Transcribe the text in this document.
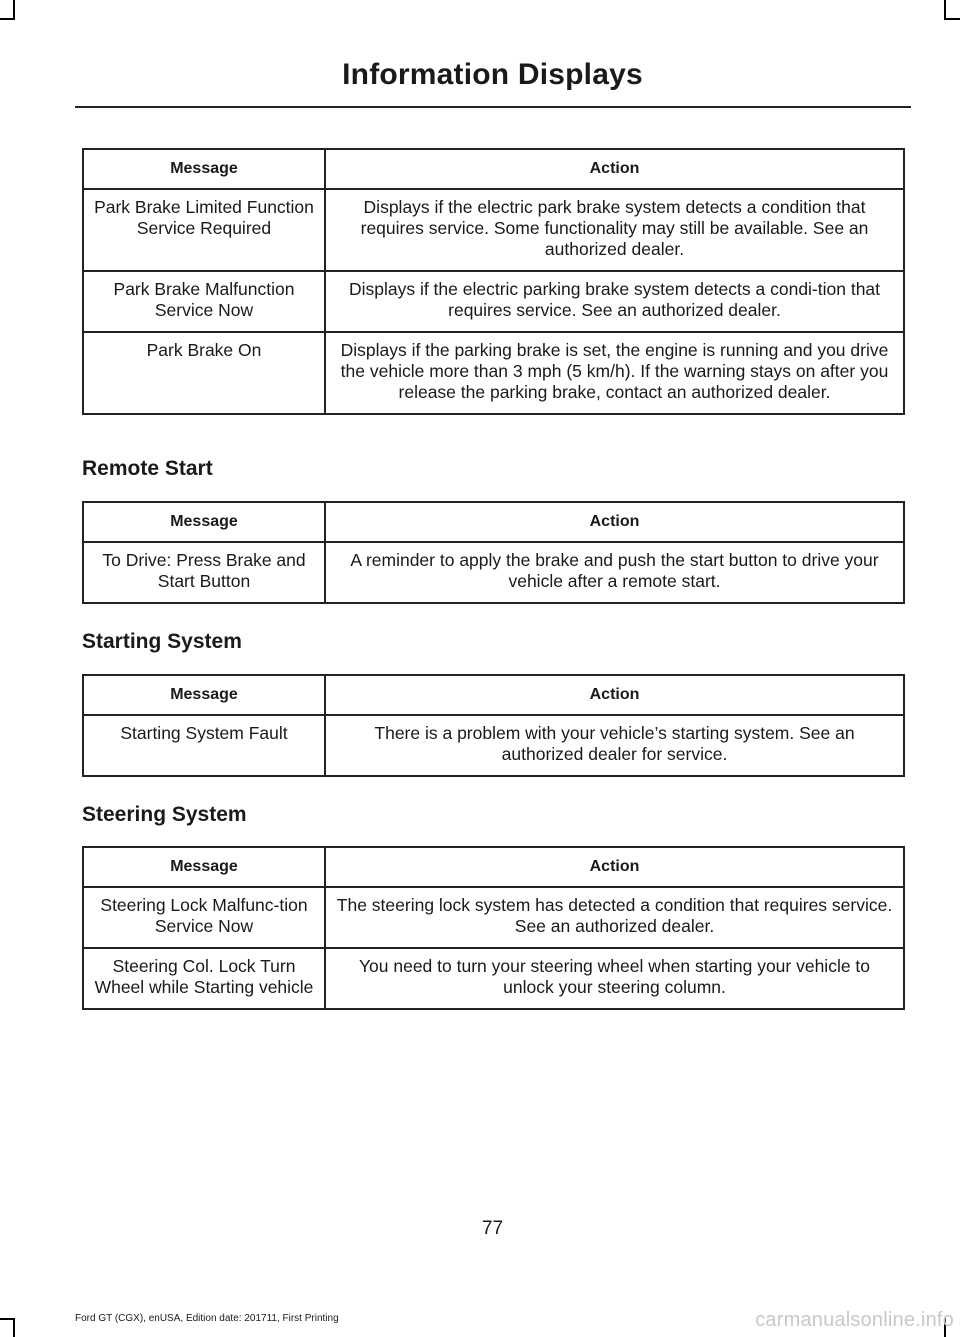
Information Displays
Message	Action
Park Brake Limited Function Service Required	Displays if the electric park brake system detects a condition that requires service. Some functionality may still be available. See an authorized dealer.
Park Brake Malfunction Service Now	Displays if the electric parking brake system detects a condi-tion that requires service. See an authorized dealer.
Park Brake On	Displays if the parking brake is set, the engine is running and you drive the vehicle more than 3 mph (5 km/h). If the warning stays on after you release the parking brake, contact an authorized dealer.
Remote Start
Message	Action
To Drive: Press Brake and Start Button	A reminder to apply the brake and push the start button to drive your vehicle after a remote start.
Starting System
Message	Action
Starting System Fault	There is a problem with your vehicle’s starting system. See an authorized dealer for service.
Steering System
Message	Action
Steering Lock Malfunc-tion Service Now	The steering lock system has detected a condition that requires service. See an authorized dealer.
Steering Col. Lock Turn Wheel while Starting vehicle	You need to turn your steering wheel when starting your vehicle to unlock your steering column.
77
Ford GT (CGX), enUSA, Edition date: 201711, First Printing	carmanualsonline.info
